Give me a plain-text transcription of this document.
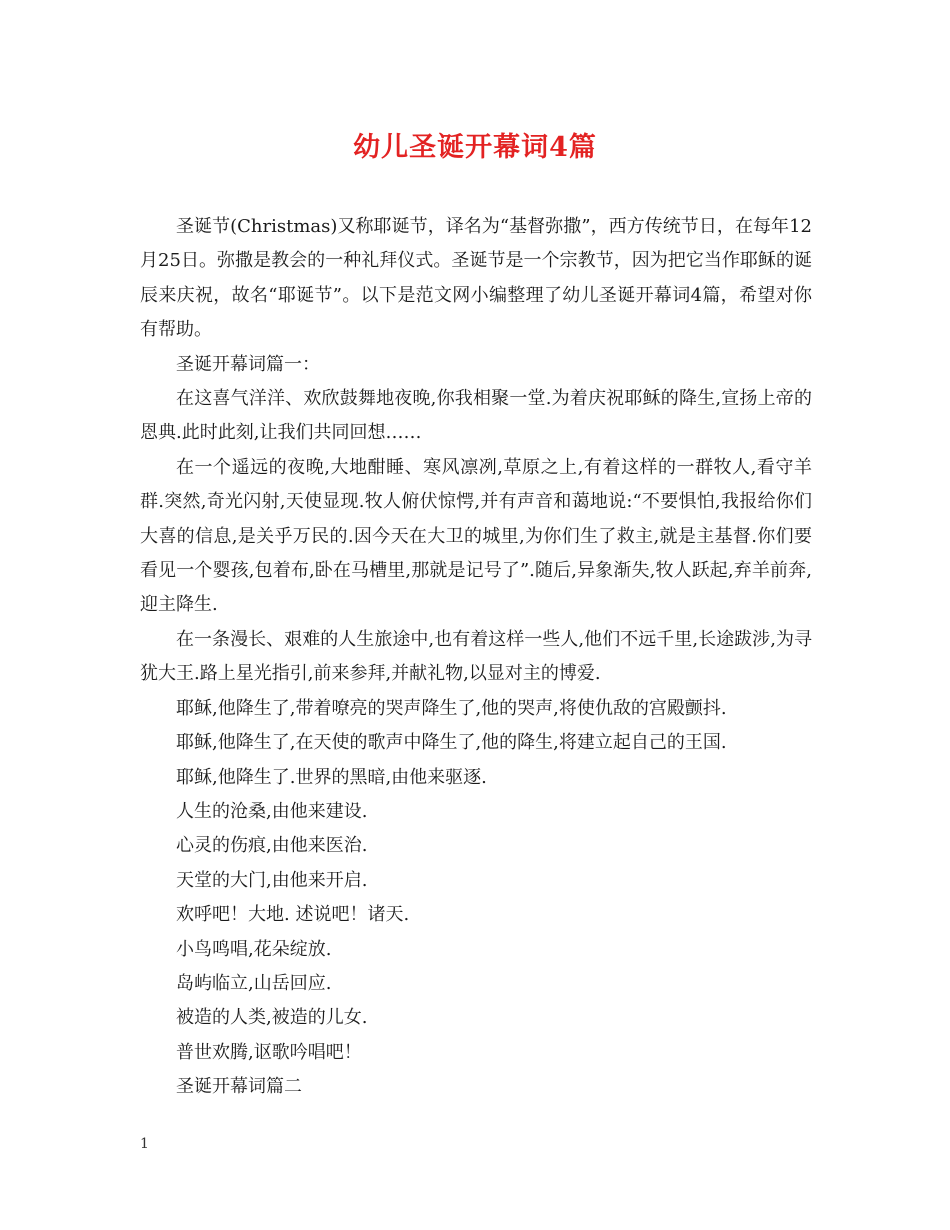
幼儿圣诞开幕词4篇

圣诞节(Christmas)又称耶诞节，译名为“基督弥撒”，西方传统节日，在每年12月25日。弥撒是教会的一种礼拜仪式。圣诞节是一个宗教节，因为把它当作耶稣的诞辰来庆祝，故名“耶诞节”。以下是范文网小编整理了幼儿圣诞开幕词4篇，希望对你有帮助。

圣诞开幕词篇一：

在这喜气洋洋、欢欣鼓舞地夜晚,你我相聚一堂.为着庆祝耶稣的降生,宣扬上帝的恩典.此时此刻,让我们共同回想……

在一个遥远的夜晚,大地酣睡、寒风凛冽,草原之上,有着这样的一群牧人,看守羊群.突然,奇光闪射,天使显现.牧人俯伏惊愕,并有声音和蔼地说:“不要惧怕,我报给你们大喜的信息,是关乎万民的.因今天在大卫的城里,为你们生了救主,就是主基督.你们要看见一个婴孩,包着布,卧在马槽里,那就是记号了”.随后,异象渐失,牧人跃起,弃羊前奔,迎主降生.

在一条漫长、艰难的人生旅途中,也有着这样一些人,他们不远千里,长途跋涉,为寻犹大王.路上星光指引,前来参拜,并献礼物,以显对主的博爱.

耶稣,他降生了,带着嘹亮的哭声降生了,他的哭声,将使仇敌的宫殿颤抖.

耶稣,他降生了,在天使的歌声中降生了,他的降生,将建立起自己的王国.

耶稣,他降生了.世界的黑暗,由他来驱逐.

人生的沧桑,由他来建设.

心灵的伤痕,由他来医治.

天堂的大门,由他来开启.

欢呼吧！大地. 述说吧！诸天.

小鸟鸣唱,花朵绽放.

岛屿临立,山岳回应.

被造的人类,被造的儿女.

普世欢腾,讴歌吟唱吧！

圣诞开幕词篇二

1
